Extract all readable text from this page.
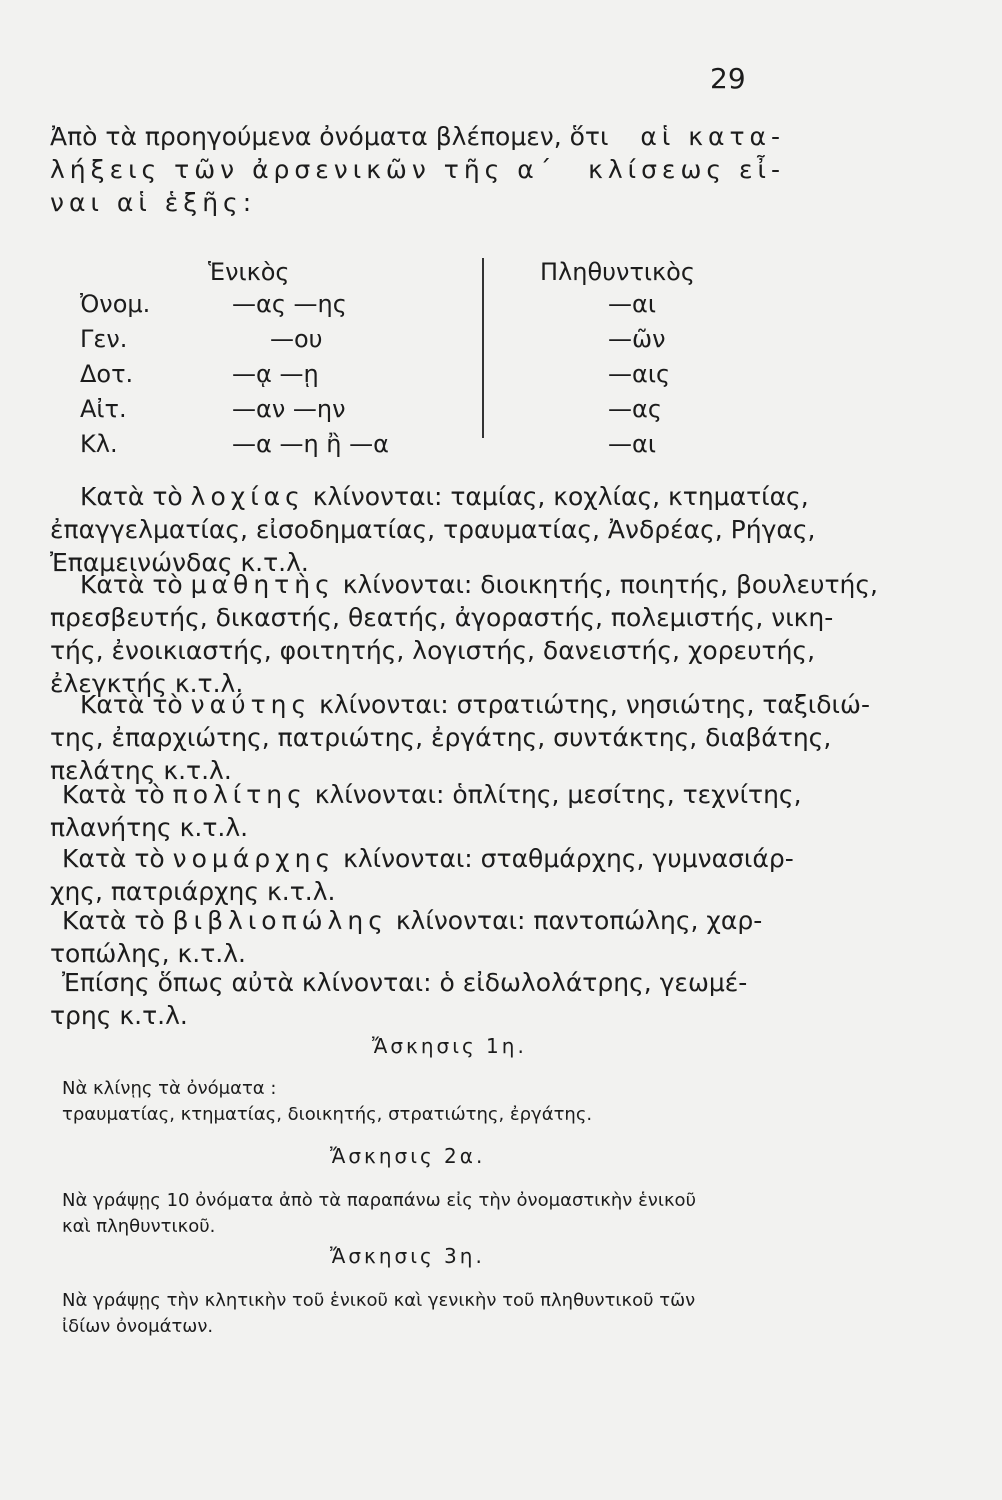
29
Ἀπὸ τὰ προηγούμενα ὀνόματα βλέπομεν, ὅτι αἱ κατα-
λήξεις τῶν ἀρσενικῶν τῆς α΄ κλίσεως εἶ-
ναι αἱ ἑξῆς:
Ἑνικὸς	Πληθυντικὸς
Ὀνομ.	—ας —ης	—αι
Γεν.	—ου	—ῶν
Δοτ.	—ᾳ —ῃ	—αις
Αἰτ.	—αν —ην	—ας
Κλ.	—α —η ἢ —α	—αι
Κατὰ τὸ λοχίας κλίνονται: ταμίας, κοχλίας, κτηματίας,
ἐπαγγελματίας, εἰσοδηματίας, τραυματίας, Ἀνδρέας, Ρήγας,
Ἐπαμεινώνδας κ.τ.λ.
Κατὰ τὸ μαθητὴς κλίνονται: διοικητής, ποιητής, βουλευτής,
πρεσβευτής, δικαστής, θεατής, ἀγοραστής, πολεμιστής, νικη-
τής, ἐνοικιαστής, φοιτητής, λογιστής, δανειστής, χορευτής,
ἐλεγκτής κ.τ.λ.
Κατὰ τὸ ναύτης κλίνονται: στρατιώτης, νησιώτης, ταξιδιώ-
της, ἐπαρχιώτης, πατριώτης, ἐργάτης, συντάκτης, διαβάτης,
πελάτης κ.τ.λ.
Κατὰ τὸ πολίτης κλίνονται: ὁπλίτης, μεσίτης, τεχνίτης,
πλανήτης κ.τ.λ.
Κατὰ τὸ νομάρχης κλίνονται: σταθμάρχης, γυμνασιάρ-
χης, πατριάρχης κ.τ.λ.
Κατὰ τὸ βιβλιοπώλης κλίνονται: παντοπώλης, χαρ-
τοπώλης, κ.τ.λ.
Ἐπίσης ὅπως αὐτὰ κλίνονται: ὁ εἰδωλολάτρης, γεωμέ-
τρης κ.τ.λ.
Ἄσκησις 1η.
Νὰ κλίνῃς τὰ ὀνόματα :
τραυματίας, κτηματίας, διοικητής, στρατιώτης, ἐργάτης.
Ἄσκησις 2α.
Νὰ γράψῃς 10 ὀνόματα ἀπὸ τὰ παραπάνω εἰς τὴν ὀνομαστικὴν ἑνικοῦ
καὶ πληθυντικοῦ.
Ἄσκησις 3η.
Νὰ γράψῃς τὴν κλητικὴν τοῦ ἑνικοῦ καὶ γενικὴν τοῦ πληθυντικοῦ τῶν
ἰδίων ὀνομάτων.
